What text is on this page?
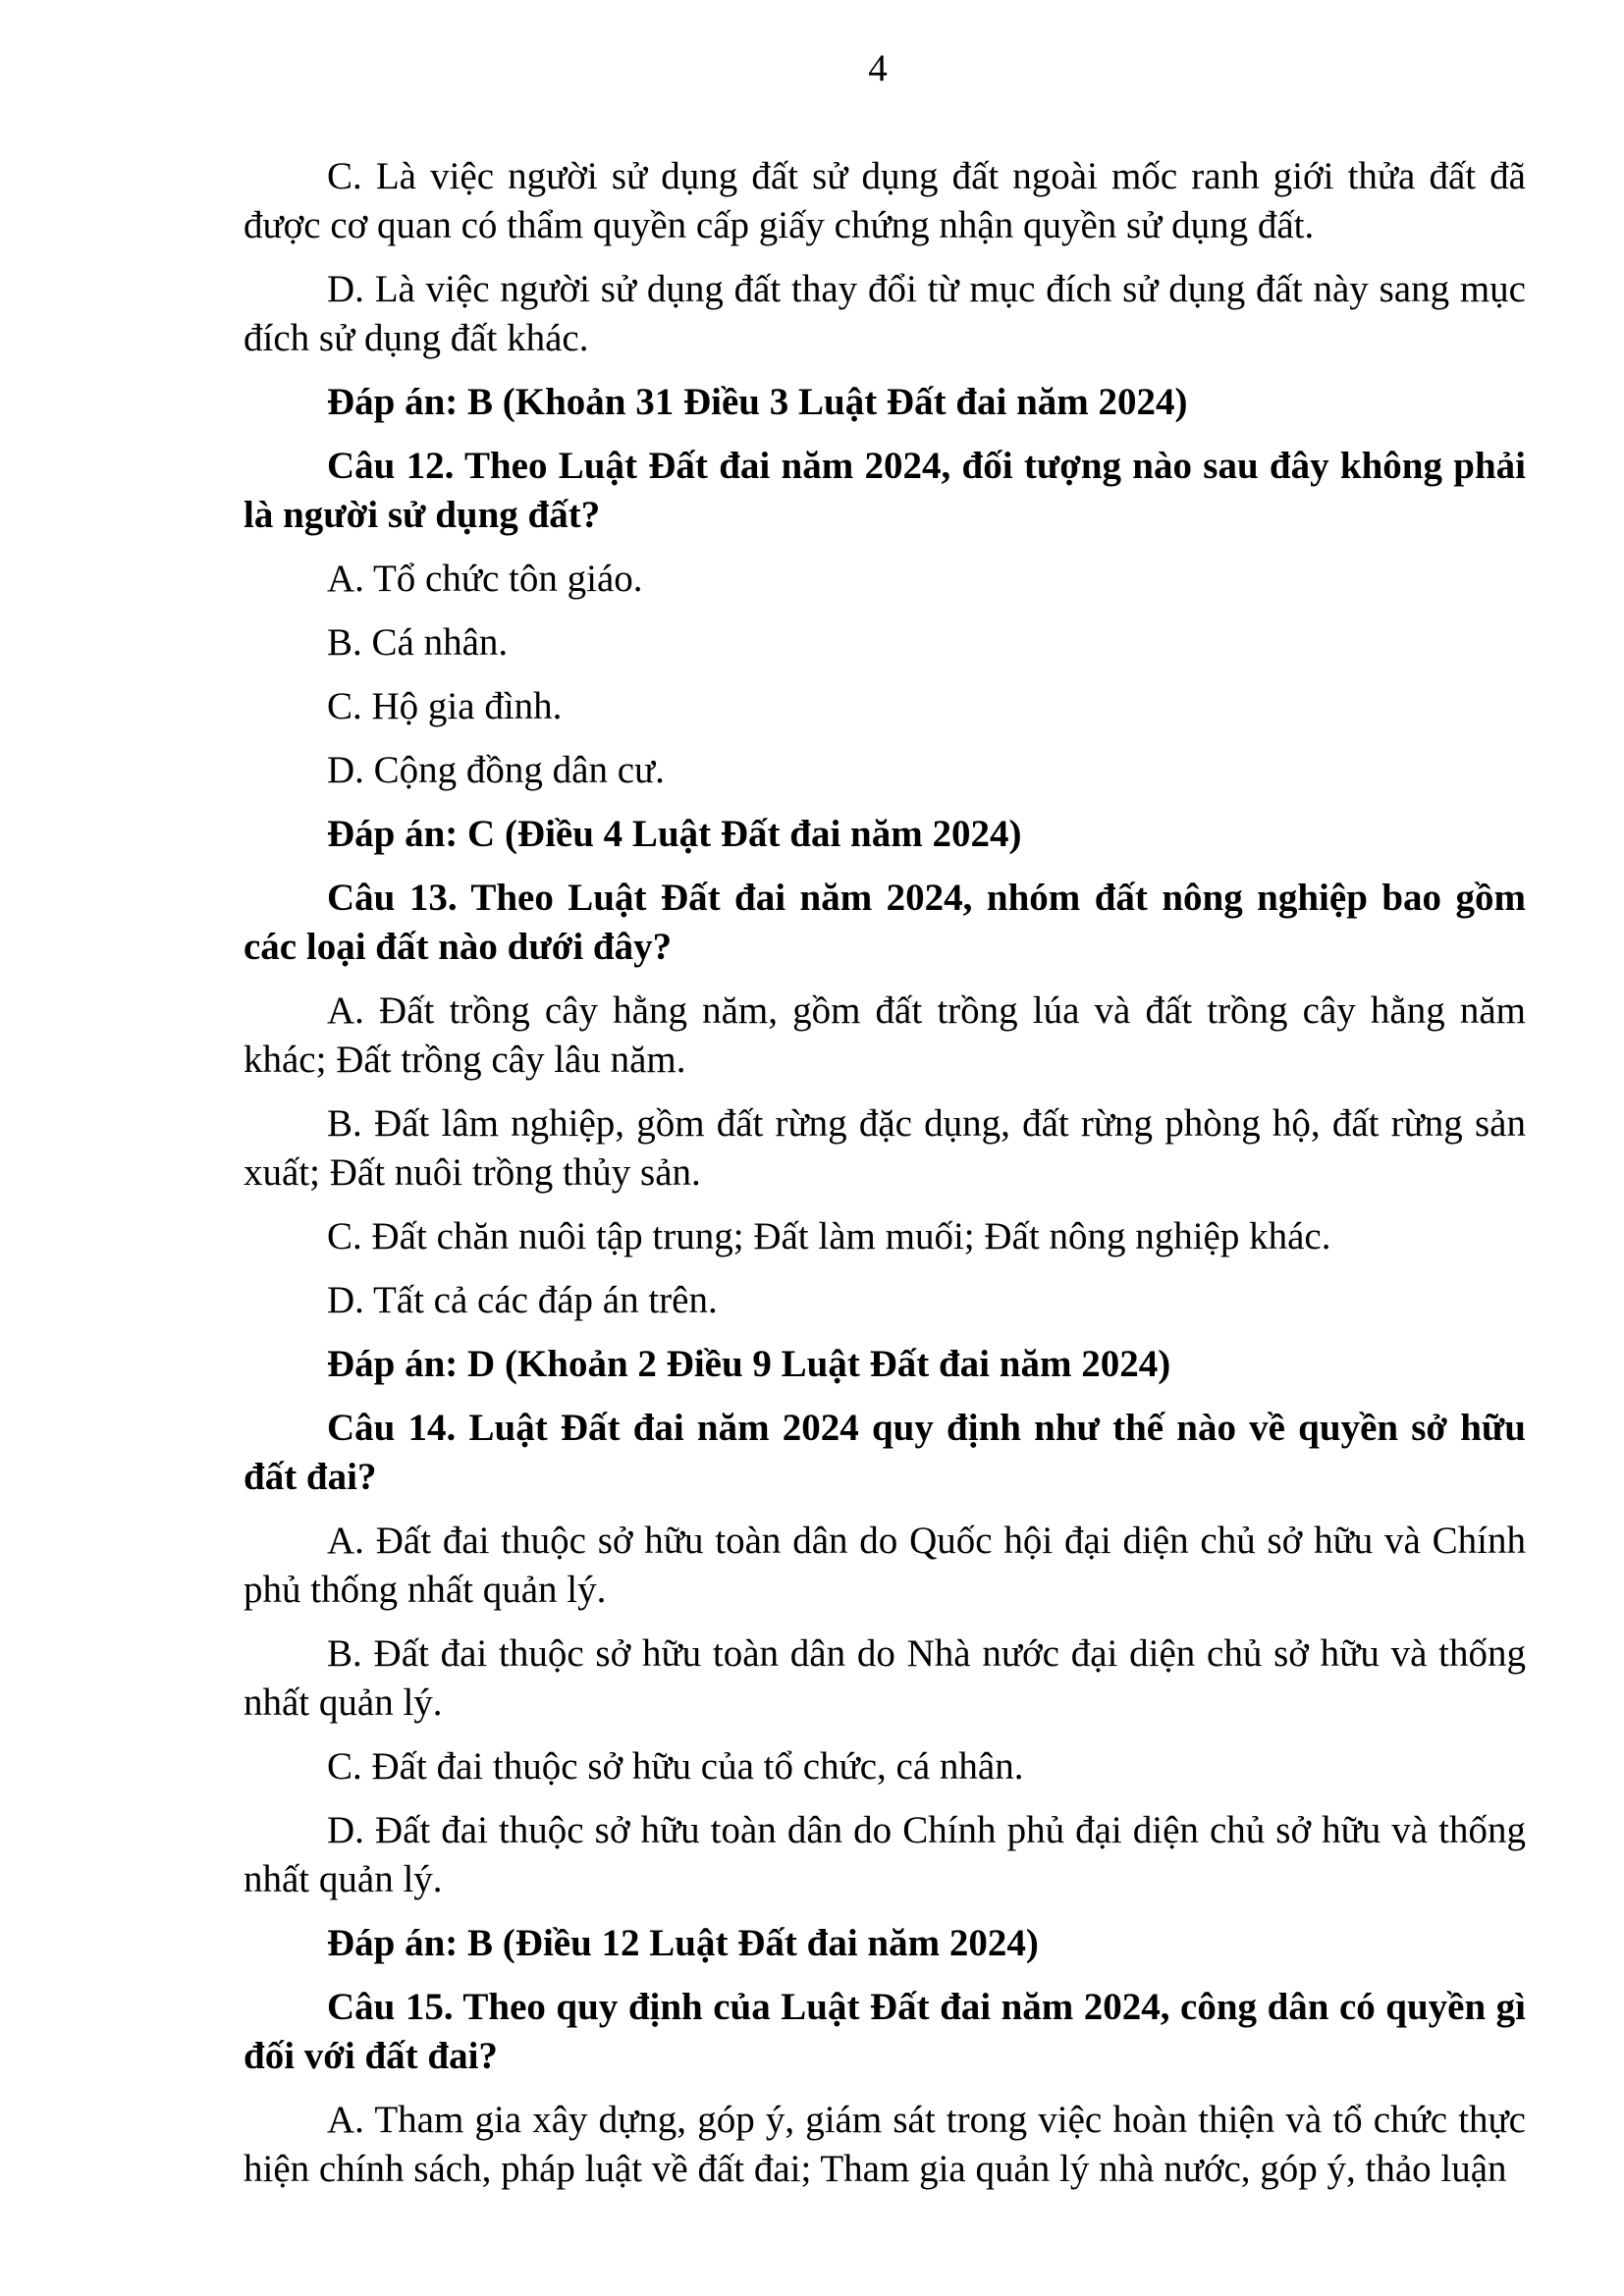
4

C. Là việc người sử dụng đất sử dụng đất ngoài mốc ranh giới thửa đất đã được cơ quan có thẩm quyền cấp giấy chứng nhận quyền sử dụng đất.

D. Là việc người sử dụng đất thay đổi từ mục đích sử dụng đất này sang mục đích sử dụng đất khác.

Đáp án: B (Khoản 31 Điều 3 Luật Đất đai năm 2024)

Câu 12. Theo Luật Đất đai năm 2024, đối tượng nào sau đây không phải là người sử dụng đất?

A. Tổ chức tôn giáo.

B. Cá nhân.

C. Hộ gia đình.

D. Cộng đồng dân cư.

Đáp án: C (Điều 4 Luật Đất đai năm 2024)

Câu 13. Theo Luật Đất đai năm 2024, nhóm đất nông nghiệp bao gồm các loại đất nào dưới đây?

A. Đất trồng cây hằng năm, gồm đất trồng lúa và đất trồng cây hằng năm khác; Đất trồng cây lâu năm.

B. Đất lâm nghiệp, gồm đất rừng đặc dụng, đất rừng phòng hộ, đất rừng sản xuất; Đất nuôi trồng thủy sản.

C. Đất chăn nuôi tập trung; Đất làm muối; Đất nông nghiệp khác.

D. Tất cả các đáp án trên.

Đáp án: D (Khoản 2 Điều 9 Luật Đất đai năm 2024)

Câu 14. Luật Đất đai năm 2024 quy định như thế nào về quyền sở hữu đất đai?

A. Đất đai thuộc sở hữu toàn dân do Quốc hội đại diện chủ sở hữu và Chính phủ thống nhất quản lý.

B. Đất đai thuộc sở hữu toàn dân do Nhà nước đại diện chủ sở hữu và thống nhất quản lý.

C. Đất đai thuộc sở hữu của tổ chức, cá nhân.

D. Đất đai thuộc sở hữu toàn dân do Chính phủ đại diện chủ sở hữu và thống nhất quản lý.

Đáp án: B (Điều 12 Luật Đất đai năm 2024)

Câu 15. Theo quy định của Luật Đất đai năm 2024, công dân có quyền gì đối với đất đai?

A. Tham gia xây dựng, góp ý, giám sát trong việc hoàn thiện và tổ chức thực hiện chính sách, pháp luật về đất đai; Tham gia quản lý nhà nước, góp ý, thảo luận
